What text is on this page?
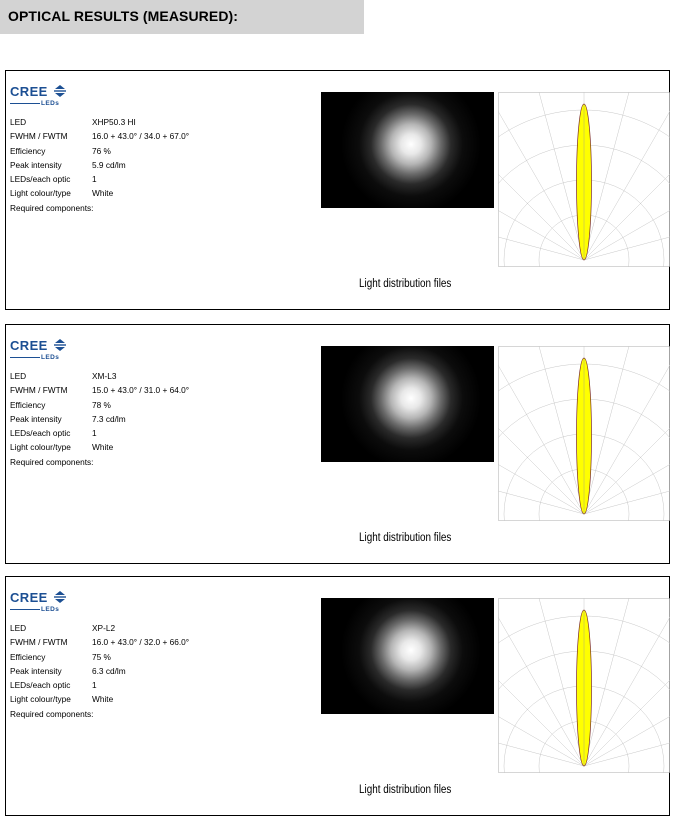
OPTICAL RESULTS (MEASURED):
CREE
LEDs
LED	XHP50.3 HI
FWHM / FWTM	16.0 + 43.0° / 34.0 + 67.0°
Efficiency	76 %
Peak intensity	5.9 cd/lm
LEDs/each optic	1
Light colour/type	White
Required components:
Light distribution files
CREE
LEDs
LED	XM-L3
FWHM / FWTM	15.0 + 43.0° / 31.0 + 64.0°
Efficiency	78 %
Peak intensity	7.3 cd/lm
LEDs/each optic	1
Light colour/type	White
Required components:
Light distribution files
CREE
LEDs
LED	XP-L2
FWHM / FWTM	16.0 + 43.0° / 32.0 + 66.0°
Efficiency	75 %
Peak intensity	6.3 cd/lm
LEDs/each optic	1
Light colour/type	White
Required components:
Light distribution files
